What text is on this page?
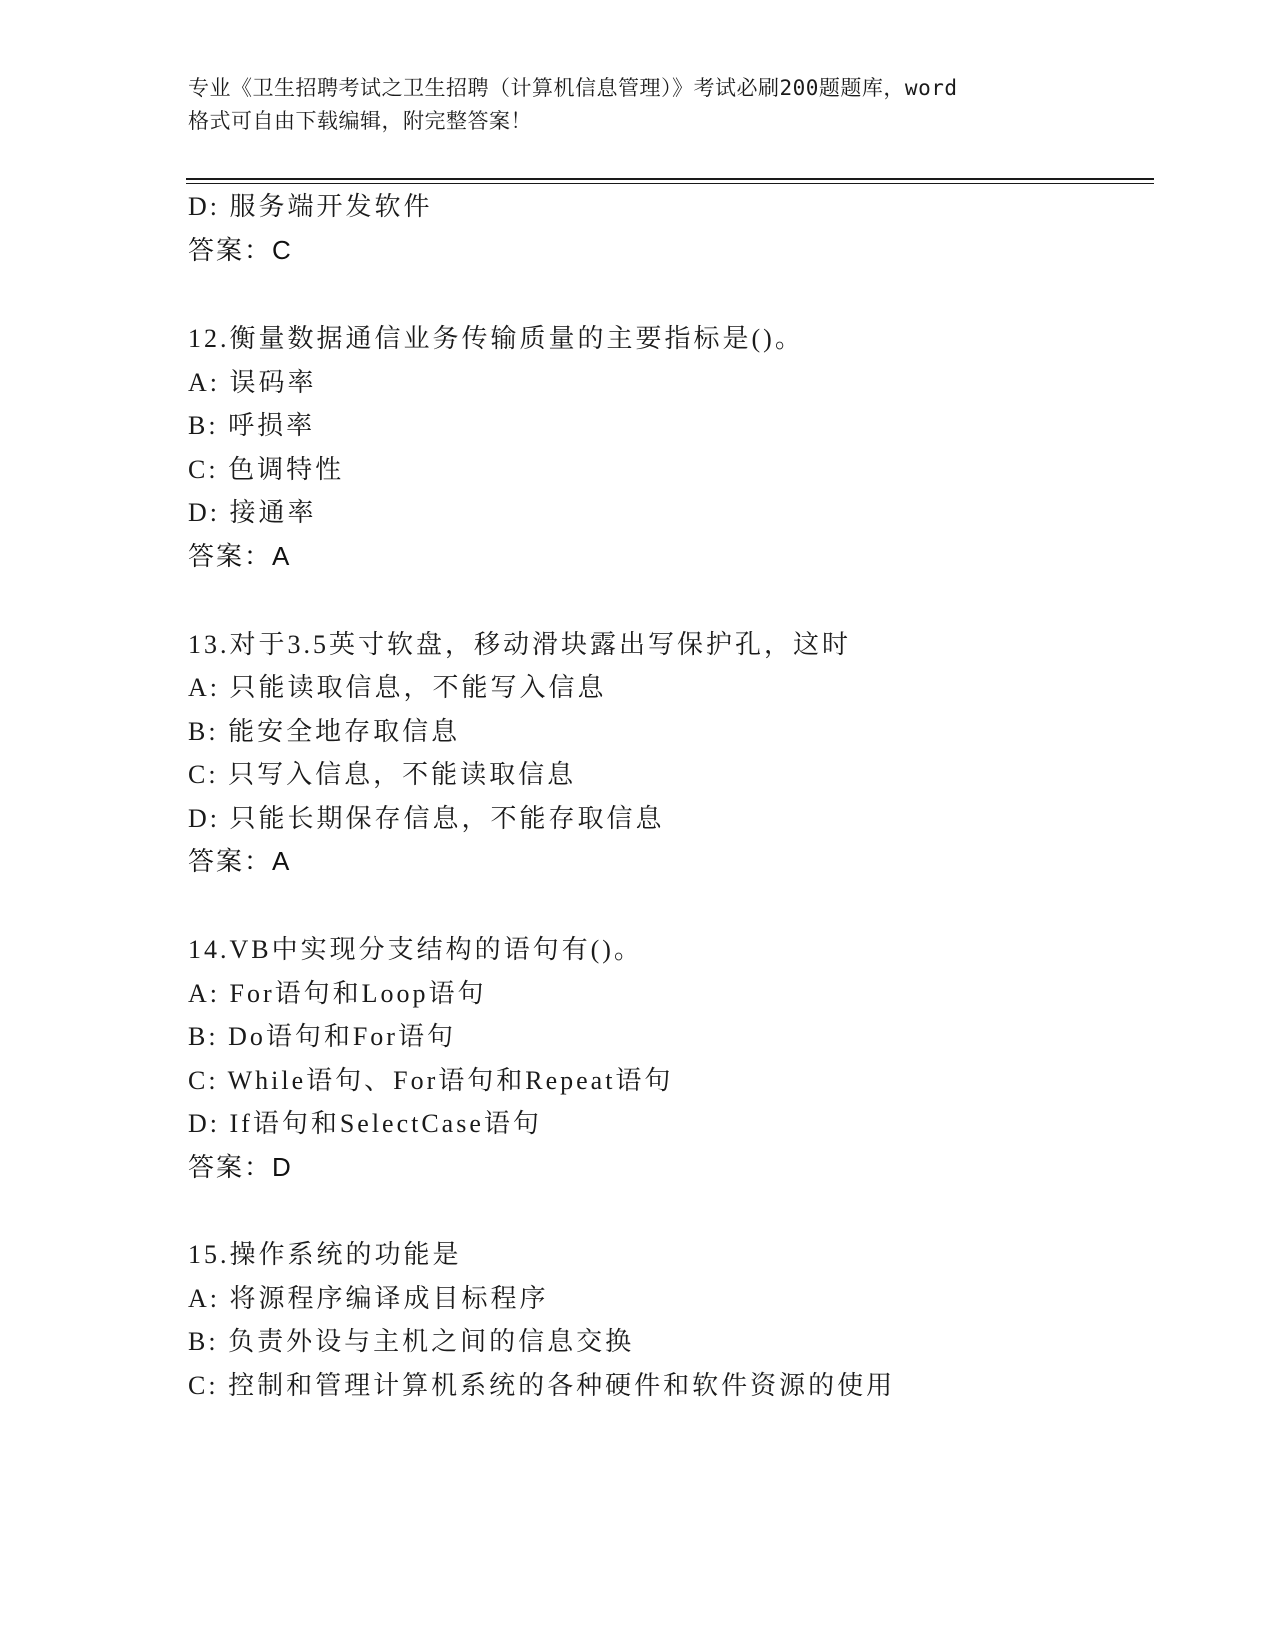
专业《卫生招聘考试之卫生招聘（计算机信息管理）》考试必刷200题题库，word
格式可自由下载编辑，附完整答案！
D: 服务端开发软件
答案：C
12.衡量数据通信业务传输质量的主要指标是()。
A: 误码率
B: 呼损率
C: 色调特性
D: 接通率
答案：A
13.对于3.5英寸软盘，移动滑块露出写保护孔，这时
A: 只能读取信息，不能写入信息
B: 能安全地存取信息
C: 只写入信息，不能读取信息
D: 只能长期保存信息，不能存取信息
答案：A
14.VB中实现分支结构的语句有()。
A: For语句和Loop语句
B: Do语句和For语句
C: While语句、For语句和Repeat语句
D: If语句和SelectCase语句
答案：D
15.操作系统的功能是
A: 将源程序编译成目标程序
B: 负责外设与主机之间的信息交换
C: 控制和管理计算机系统的各种硬件和软件资源的使用
